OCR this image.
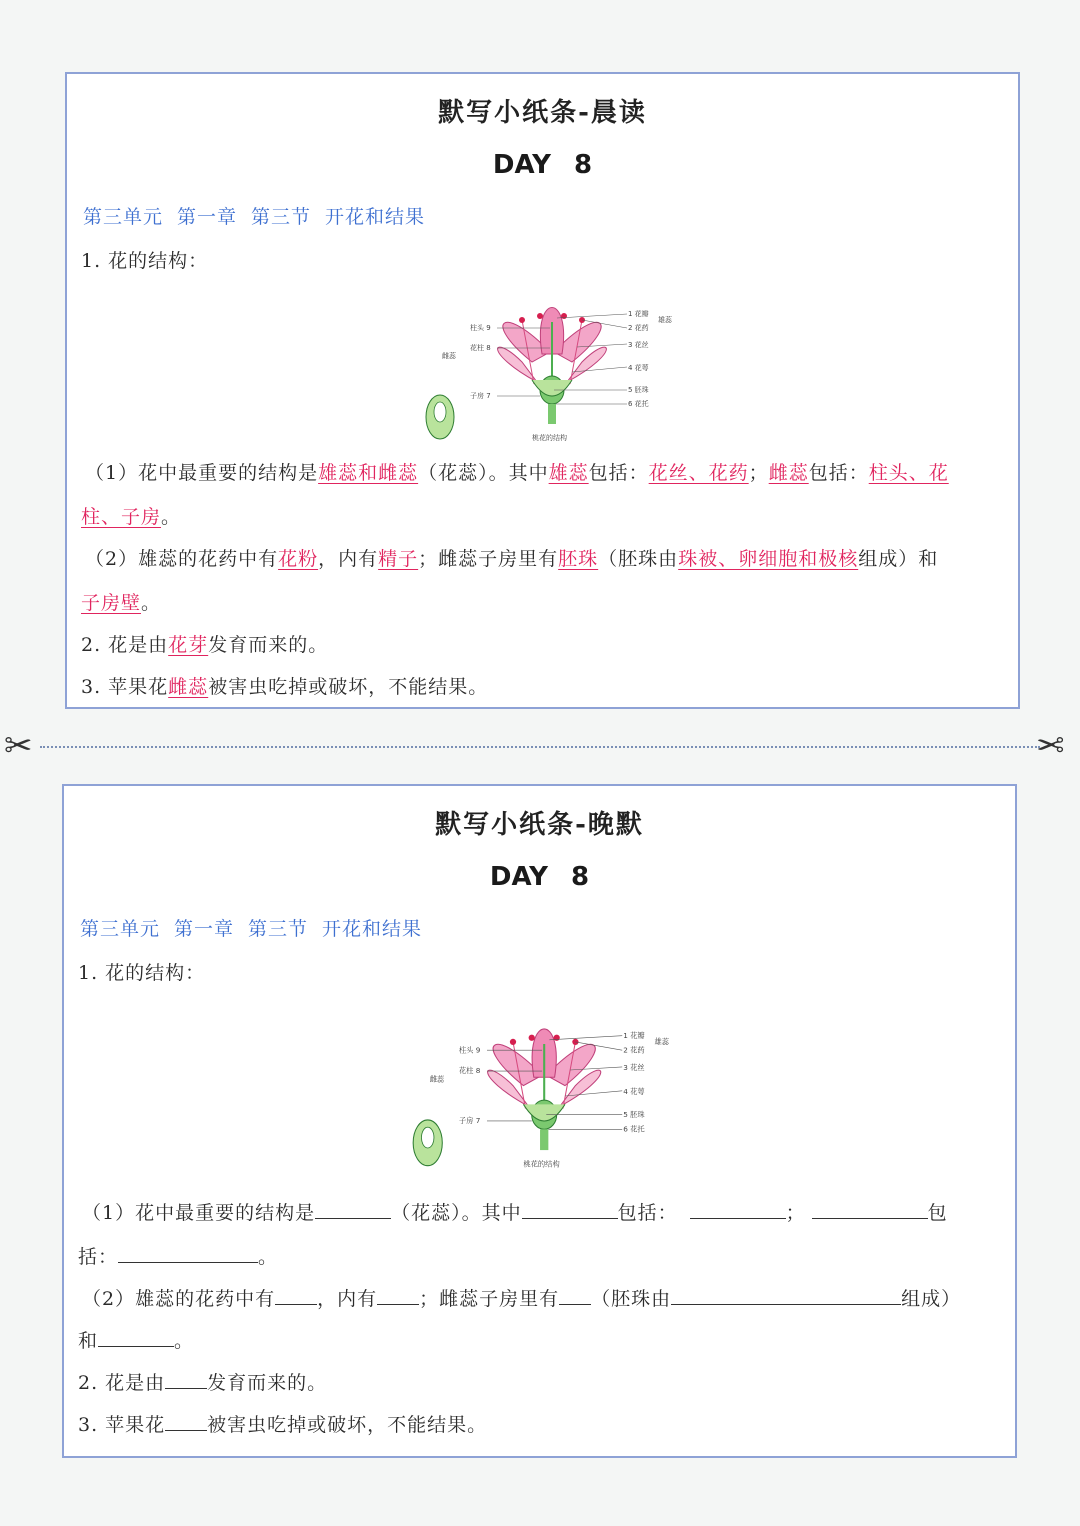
默写小纸条-晨读
DAY 8
第三单元 第一章 第三节 开花和结果
1. 花的结构：
1 花瓣
2 花药
3 花丝
4 花萼
5 胚珠
6 花托
雄蕊
柱头 9
花柱 8
子房 7
雌蕊
桃花的结构
（1）花中最重要的结构是雄蕊和雌蕊（花蕊）。其中雄蕊包括：花丝、花药；雌蕊包括：柱头、花
柱、子房。
（2）雄蕊的花药中有花粉，内有精子；雌蕊子房里有胚珠（胚珠由珠被、卵细胞和极核组成）和
子房壁。
2. 花是由花芽发育而来的。
3. 苹果花雌蕊被害虫吃掉或破坏，不能结果。
✂	✂
默写小纸条-晚默
DAY 8
第三单元 第一章 第三节 开花和结果
1. 花的结构：
1 花瓣
2 花药
3 花丝
4 花萼
5 胚珠
6 花托
雄蕊
柱头 9
花柱 8
子房 7
雌蕊
桃花的结构
（1）花中最重要的结构是	（花蕊）。其中	包括：	；	包
括：	。
（2）雄蕊的花药中有 ，内有 ；雌蕊子房里有 （胚珠由	组成）
和	。
2. 花是由 发育而来的。
3. 苹果花 被害虫吃掉或破坏，不能结果。
